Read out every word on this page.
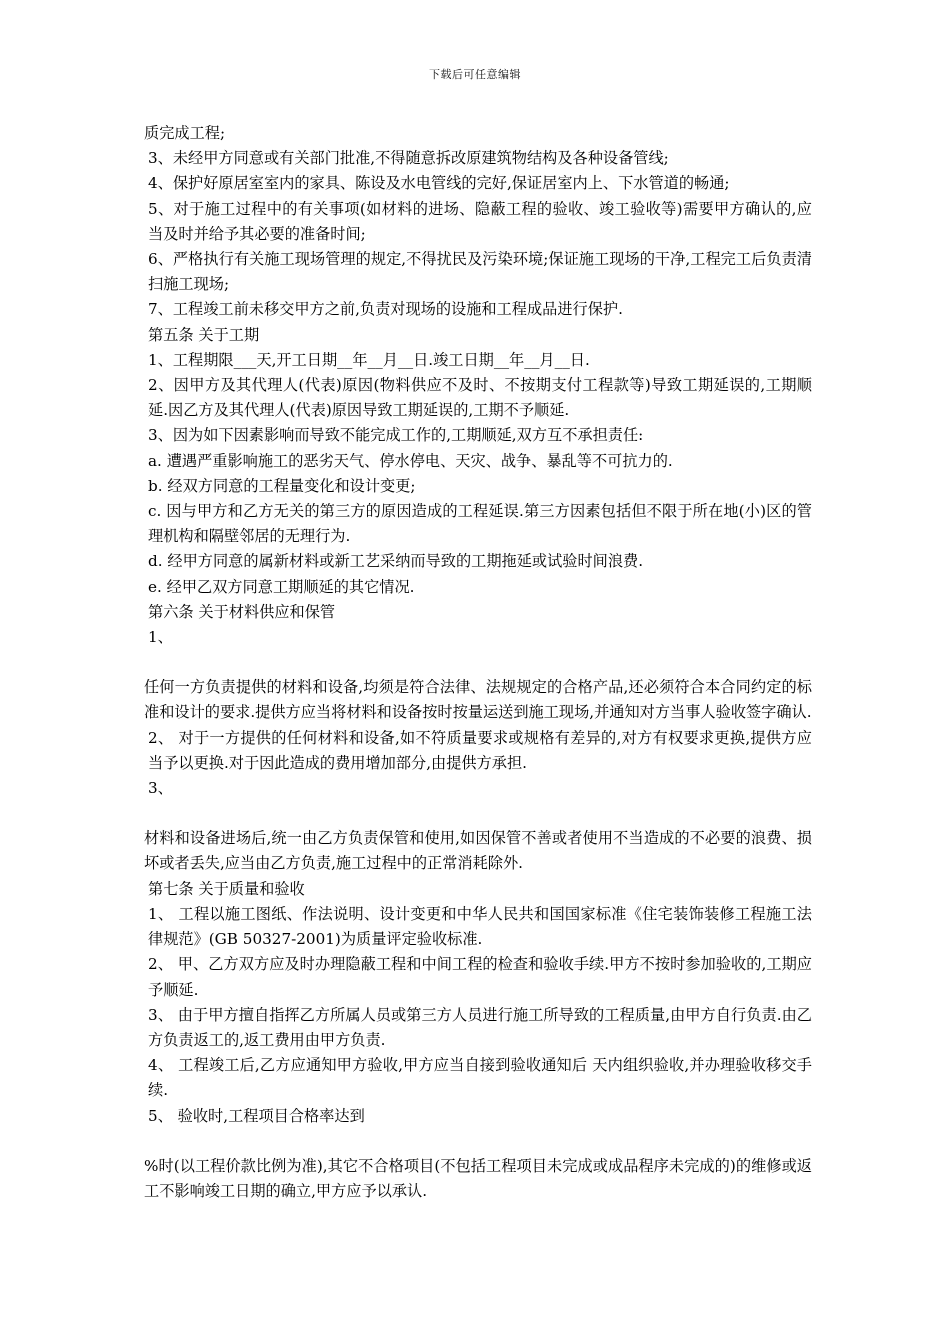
下载后可任意编辑

质完成工程;

3、未经甲方同意或有关部门批准,不得随意拆改原建筑物结构及各种设备管线;

4、保护好原居室室内的家具、陈设及水电管线的完好,保证居室内上、下水管道的畅通;

5、对于施工过程中的有关事项(如材料的进场、隐蔽工程的验收、竣工验收等)需要甲方确认的,应当及时并给予其必要的准备时间;

6、严格执行有关施工现场管理的规定,不得扰民及污染环境;保证施工现场的干净,工程完工后负责清扫施工现场;

7、工程竣工前未移交甲方之前,负责对现场的设施和工程成品进行保护.

第五条 关于工期

1、工程期限___天,开工日期__年__月__日.竣工日期__年__月__日.

2、因甲方及其代理人(代表)原因(物料供应不及时、不按期支付工程款等)导致工期延误的,工期顺延.因乙方及其代理人(代表)原因导致工期延误的,工期不予顺延.

3、因为如下因素影响而导致不能完成工作的,工期顺延,双方互不承担责任:

a. 遭遇严重影响施工的恶劣天气、停水停电、天灾、战争、暴乱等不可抗力的.

b. 经双方同意的工程量变化和设计变更;

c. 因与甲方和乙方无关的第三方的原因造成的工程延误.第三方因素包括但不限于所在地(小)区的管理机构和隔壁邻居的无理行为.

d. 经甲方同意的属新材料或新工艺采纳而导致的工期拖延或试验时间浪费.

e. 经甲乙双方同意工期顺延的其它情况.

第六条 关于材料供应和保管

1、

任何一方负责提供的材料和设备,均须是符合法律、法规规定的合格产品,还必须符合本合同约定的标准和设计的要求.提供方应当将材料和设备按时按量运送到施工现场,并通知对方当事人验收签字确认.

2、 对于一方提供的任何材料和设备,如不符质量要求或规格有差异的,对方有权要求更换,提供方应当予以更换.对于因此造成的费用增加部分,由提供方承担.

3、

材料和设备进场后,统一由乙方负责保管和使用,如因保管不善或者使用不当造成的不必要的浪费、损坏或者丢失,应当由乙方负责,施工过程中的正常消耗除外.

第七条 关于质量和验收

1、 工程以施工图纸、作法说明、设计变更和中华人民共和国国家标准《住宅装饰装修工程施工法律规范》(GB 50327-2001)为质量评定验收标准.

2、 甲、乙方双方应及时办理隐蔽工程和中间工程的检查和验收手续.甲方不按时参加验收的,工期应予顺延.

3、 由于甲方擅自指挥乙方所属人员或第三方人员进行施工所导致的工程质量,由甲方自行负责.由乙方负责返工的,返工费用由甲方负责.

4、 工程竣工后,乙方应通知甲方验收,甲方应当自接到验收通知后 天内组织验收,并办理验收移交手续.

5、 验收时,工程项目合格率达到

%时(以工程价款比例为准),其它不合格项目(不包括工程项目未完成或成品程序未完成的)的维修或返工不影响竣工日期的确立,甲方应予以承认.
